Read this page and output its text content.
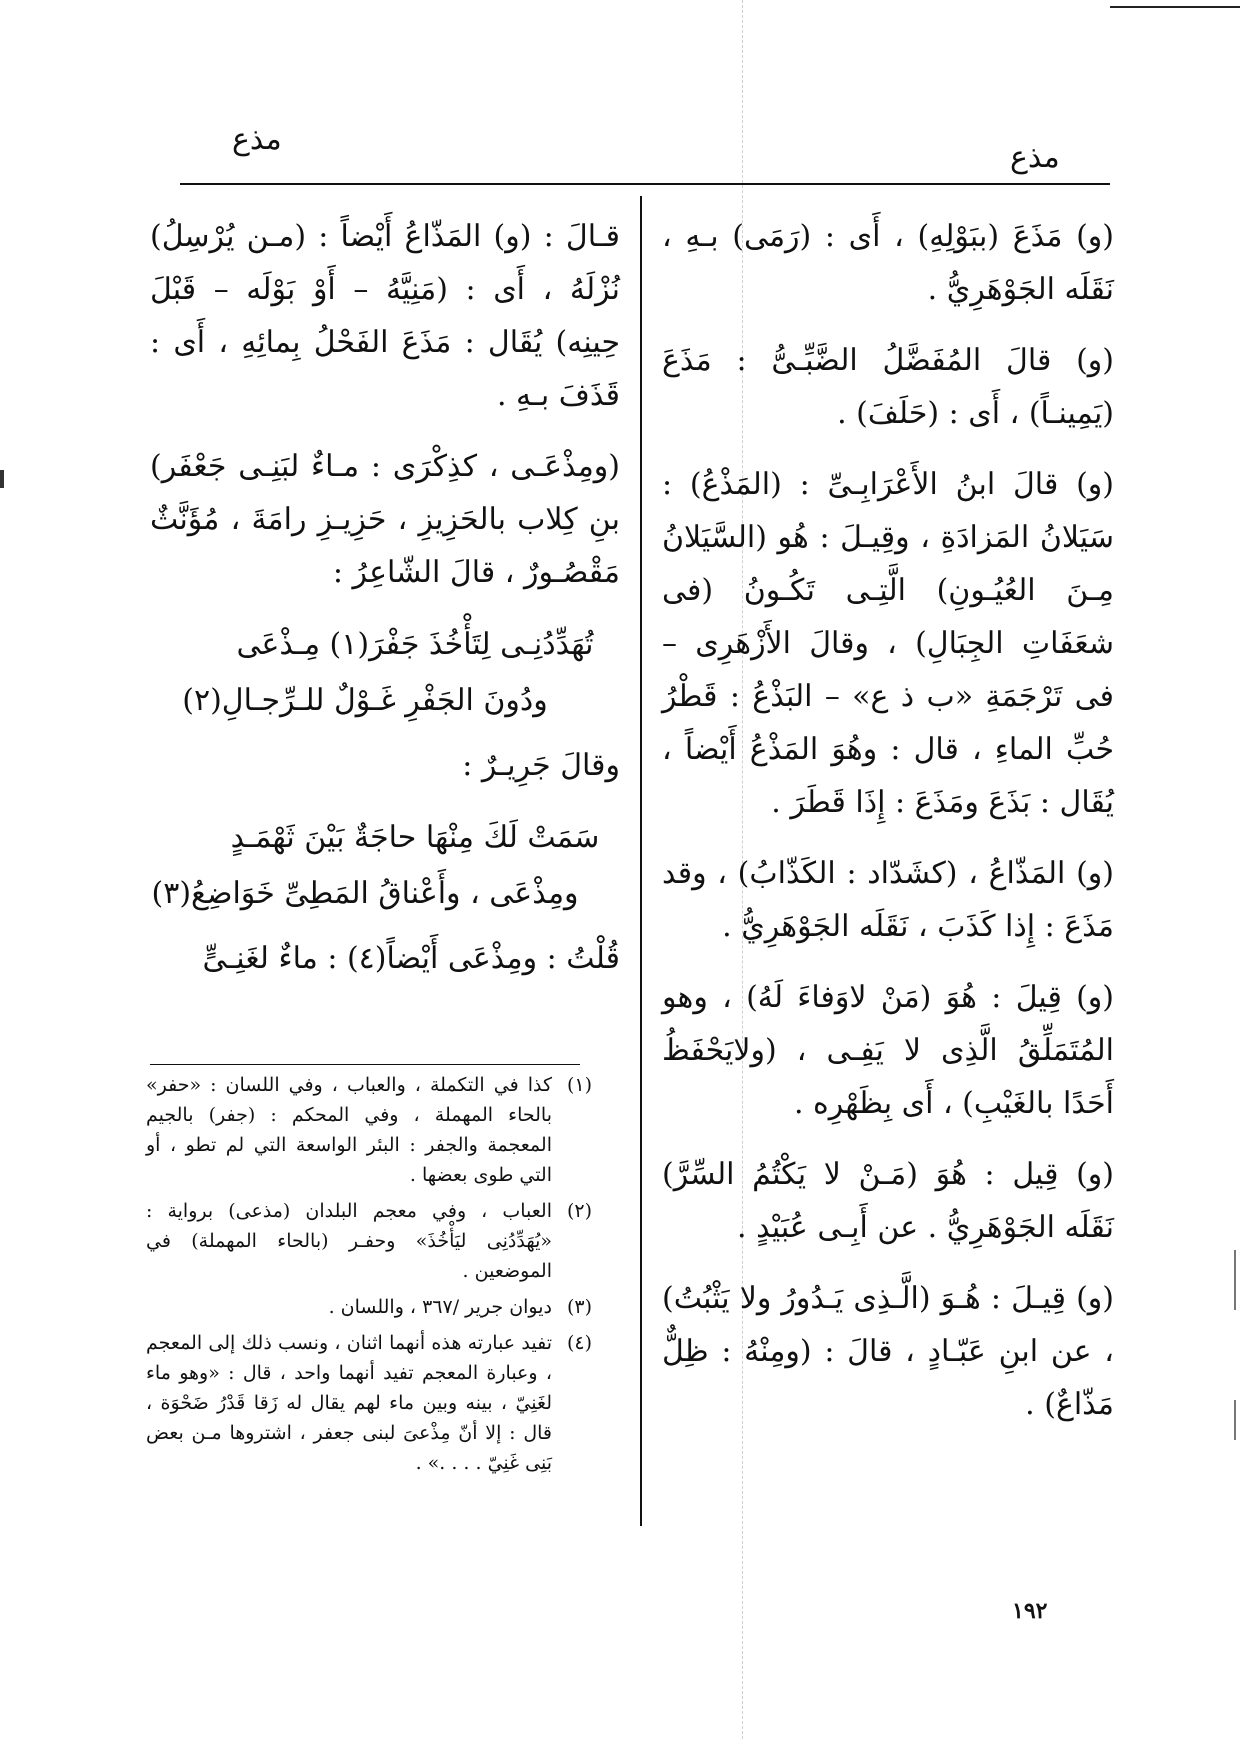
مذع
مذع

(و) مَذَعَ (ببَوْلِهِ) ، أَى : (رَمَى) بـهِ ، نَقَلَه الجَوْهَرِيُّ .

(و) قالَ المُفَضَّلُ الضَّبِّـىُّ : مَذَعَ (يَمِينـاً) ، أَى : (حَلَفَ) .

(و) قالَ ابنُ الأَعْرَابِـىِّ : (المَذْعُ) : سَيَلانُ المَزادَةِ ، وقِيـلَ : هُو (السَّيَلانُ مِـنَ العُيُـونِ) الَّتِـى تَكُـونُ (فى شعَفَاتِ الجِبَالِ) ، وقالَ الأَزْهَرِى – فى تَرْجَمَةِ «ب ذ ع» – البَذْعُ : قَطْرُ حُبِّ الماءِ ، قال : وهُوَ المَذْعُ أَيْضاً ، يُقَال : بَذَعَ ومَذَعَ : إِذَا قَطَرَ .

(و) المَذّاعُ ، (كشَدّاد : الكَذّابُ) ، وقد مَذَعَ : إِذا كَذَبَ ، نَقَلَه الجَوْهَرِيُّ .

(و) قِيلَ : هُوَ (مَنْ لاوَفاءَ لَهُ) ، وهو المُتَمَلِّقُ الَّذِى لا يَفِـى ، (ولايَحْفَظُ أَحَدًا بالغَيْبِ) ، أَى بِظَهْرِه .

(و) قِيل : هُوَ (مَـنْ لا يَكْتُمُ السِّرَّ) نَقَلَه الجَوْهَرِيُّ . عن أَبِـى عُبَيْدٍ .

(و) قِيـلَ : هُـوَ (الَّـذِى يَـدُورُ ولا يَثْبُتُ) ، عن ابنِ عَبّـادٍ ، قالَ : (ومِنْهُ : ظِلٌّ مَذّاعٌ) .

قـالَ : (و) المَذّاعُ أَيْضاً : (مـن يُرْسِلُ) نُزْلَهُ ، أَى : (مَنِيَّهُ – أَوْ بَوْلَه – قَبْلَ حِينِه) يُقَال : مَذَعَ الفَحْلُ بِمائِهِ ، أَى : قَذَفَ بـهِ .

(ومِذْعَـى ، كذِكْرَى : مـاءٌ لبَنِـى جَعْفَر) بنِ كِلاب بالحَزِيزِ ، حَزِيـزِ رامَةَ ، مُؤَنَّثٌ مَقْصُـورٌ ، قالَ الشّاعِرُ :

تُهَدِّدُنِـى لِتَأْخُذَ جَفْرَ(١) مِـذْعَى

ودُونَ الجَفْرِ غَـوْلٌ للـرِّجـالِ(٢)

وقالَ جَرِيـرٌ :

سَمَتْ لَكَ مِنْهَا حاجَةٌ بَيْنَ ثَهْمَـدٍ

ومِذْعَى ، وأَعْناقُ المَطِىِّ خَوَاضِعُ(٣)

قُلْتُ : ومِذْعَى أَيْضاً(٤) : ماءٌ لغَنِـىٍّ

(١)
كذا في التكملة ، والعباب ، وفي اللسان : «حفر» بالحاء المهملة ، وفي المحكم : (جفر) بالجيم المعجمة والجفر : البئر الواسعة التي لم تطو ، أو التي طوى بعضها .
(٢)
العباب ، وفي معجم البلدان (مذعى) برواية : «يُهَدِّدُنِى ليَأْخُذَ» وحفـر (بالحاء المهملة) في الموضعين .
(٣)
ديوان جرير /٣٦٧ ، واللسان .
(٤)
تفيد عبارته هذه أنهما اثنان ، ونسب ذلك إلى المعجم ، وعبارة المعجم تفيد أنهما واحد ، قال : «وهو ماء لغَنِيّ ، بينه وبين ماء لهم يقال له زَقا قَدْرُ ضَحْوَة ، قال : إلا أنّ مِذْعىَ لبنى جعفر ، اشتروها مـن بعض بَنِى غَنِيّ . . . .» .
١٩٢
